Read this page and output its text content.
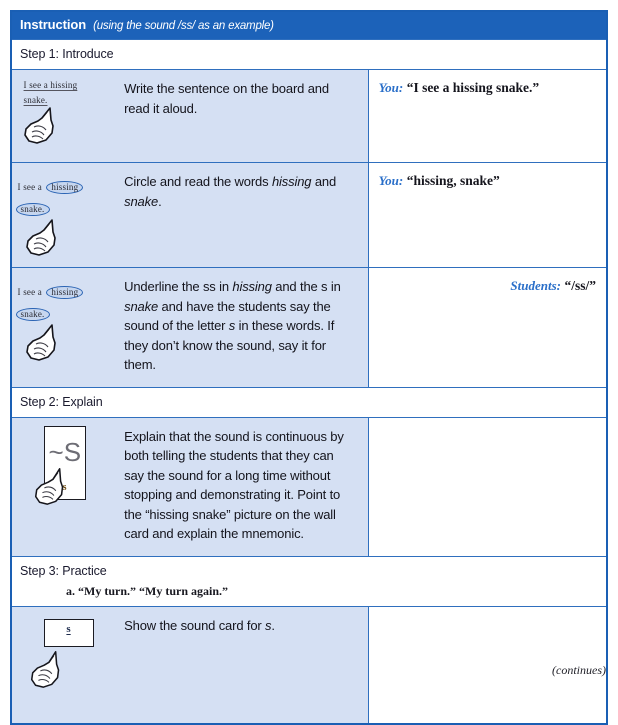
Instruction (using the sound /ss/ as an example)		
Step 1: Introduce		

I see a hissing
snake.	Write the sentence on the board and read it aloud.	You: “I see a hissing snake.”

I see a hissing
snake.	Circle and read the words hissing and snake.	You: “hissing, snake”

I see a hissing
snake.	Underline the ss in hissing and the s in snake and have the students say the sound of the letter s in these words. If they don’t know the sound, say it for them.	Students: “/ss/”

Step 2: Explain		

~S
s	Explain that the sound is continuous by both telling the students that they can say the sound for a long time without stopping and demonstrating it. Point to the “hissing snake” picture on the wall card and explain the mnemonic.	

Step 3: Practice
a. “My turn.” “My turn again.”		

s	Show the sound card for s.	

(continues)
